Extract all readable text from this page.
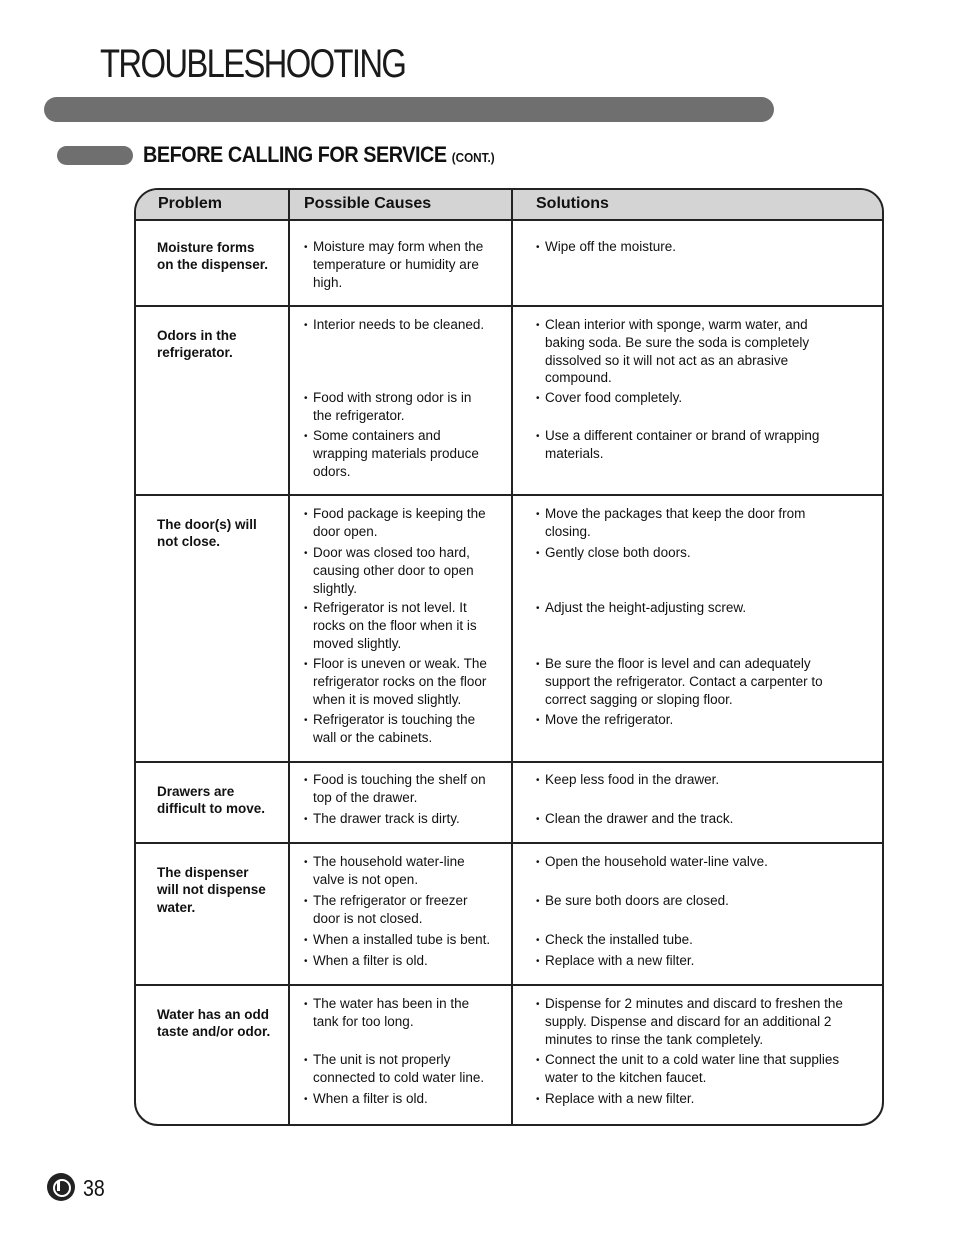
TROUBLESHOOTING
BEFORE CALLING FOR SERVICE (CONT.)
Problem	Possible Causes	Solutions
Moisture forms
on the dispenser.
• Moisture may form when the
temperature or humidity are
high.
• Wipe off the moisture.
Odors in the
refrigerator.
• Interior needs to be cleaned.
• Food with strong odor is in
the refrigerator.
• Some containers and
wrapping materials produce
odors.
• Clean interior with sponge, warm water, and
baking soda. Be sure the soda is completely
dissolved so it will not act as an abrasive
compound.
• Cover food completely.
• Use a different container or brand of wrapping
materials.
The door(s) will
not close.
• Food package is keeping the
door open.
• Door was closed too hard,
causing other door to open
slightly.
• Refrigerator is not level. It
rocks on the floor when it is
moved slightly.
• Floor is uneven or weak. The
refrigerator rocks on the floor
when it is moved slightly.
• Refrigerator is touching the
wall or the cabinets.
• Move the packages that keep the door from
closing.
• Gently close both doors.
• Adjust the height-adjusting screw.
• Be sure the floor is level and can adequately
support the refrigerator. Contact a carpenter to
correct sagging or sloping floor.
• Move the refrigerator.
Drawers are
difficult to move.
• Food is touching the shelf on
top of the drawer.
• The drawer track is dirty.
• Keep less food in the drawer.
• Clean the drawer and the track.
The dispenser
will not dispense
water.
• The household water-line
valve is not open.
• The refrigerator or freezer
door is not closed.
• When a installed tube is bent.
• When a filter is old.
• Open the household water-line valve.
• Be sure both doors are closed.
• Check the installed tube.
• Replace with a new filter.
Water has an odd
taste and/or odor.
• The water has been in the
tank for too long.
• The unit is not properly
connected to cold water line.
• When a filter is old.
• Dispense for 2 minutes and discard to freshen the
supply. Dispense and discard for an additional 2
minutes to rinse the tank completely.
• Connect the unit to a cold water line that supplies
water to the kitchen faucet.
• Replace with a new filter.
38
